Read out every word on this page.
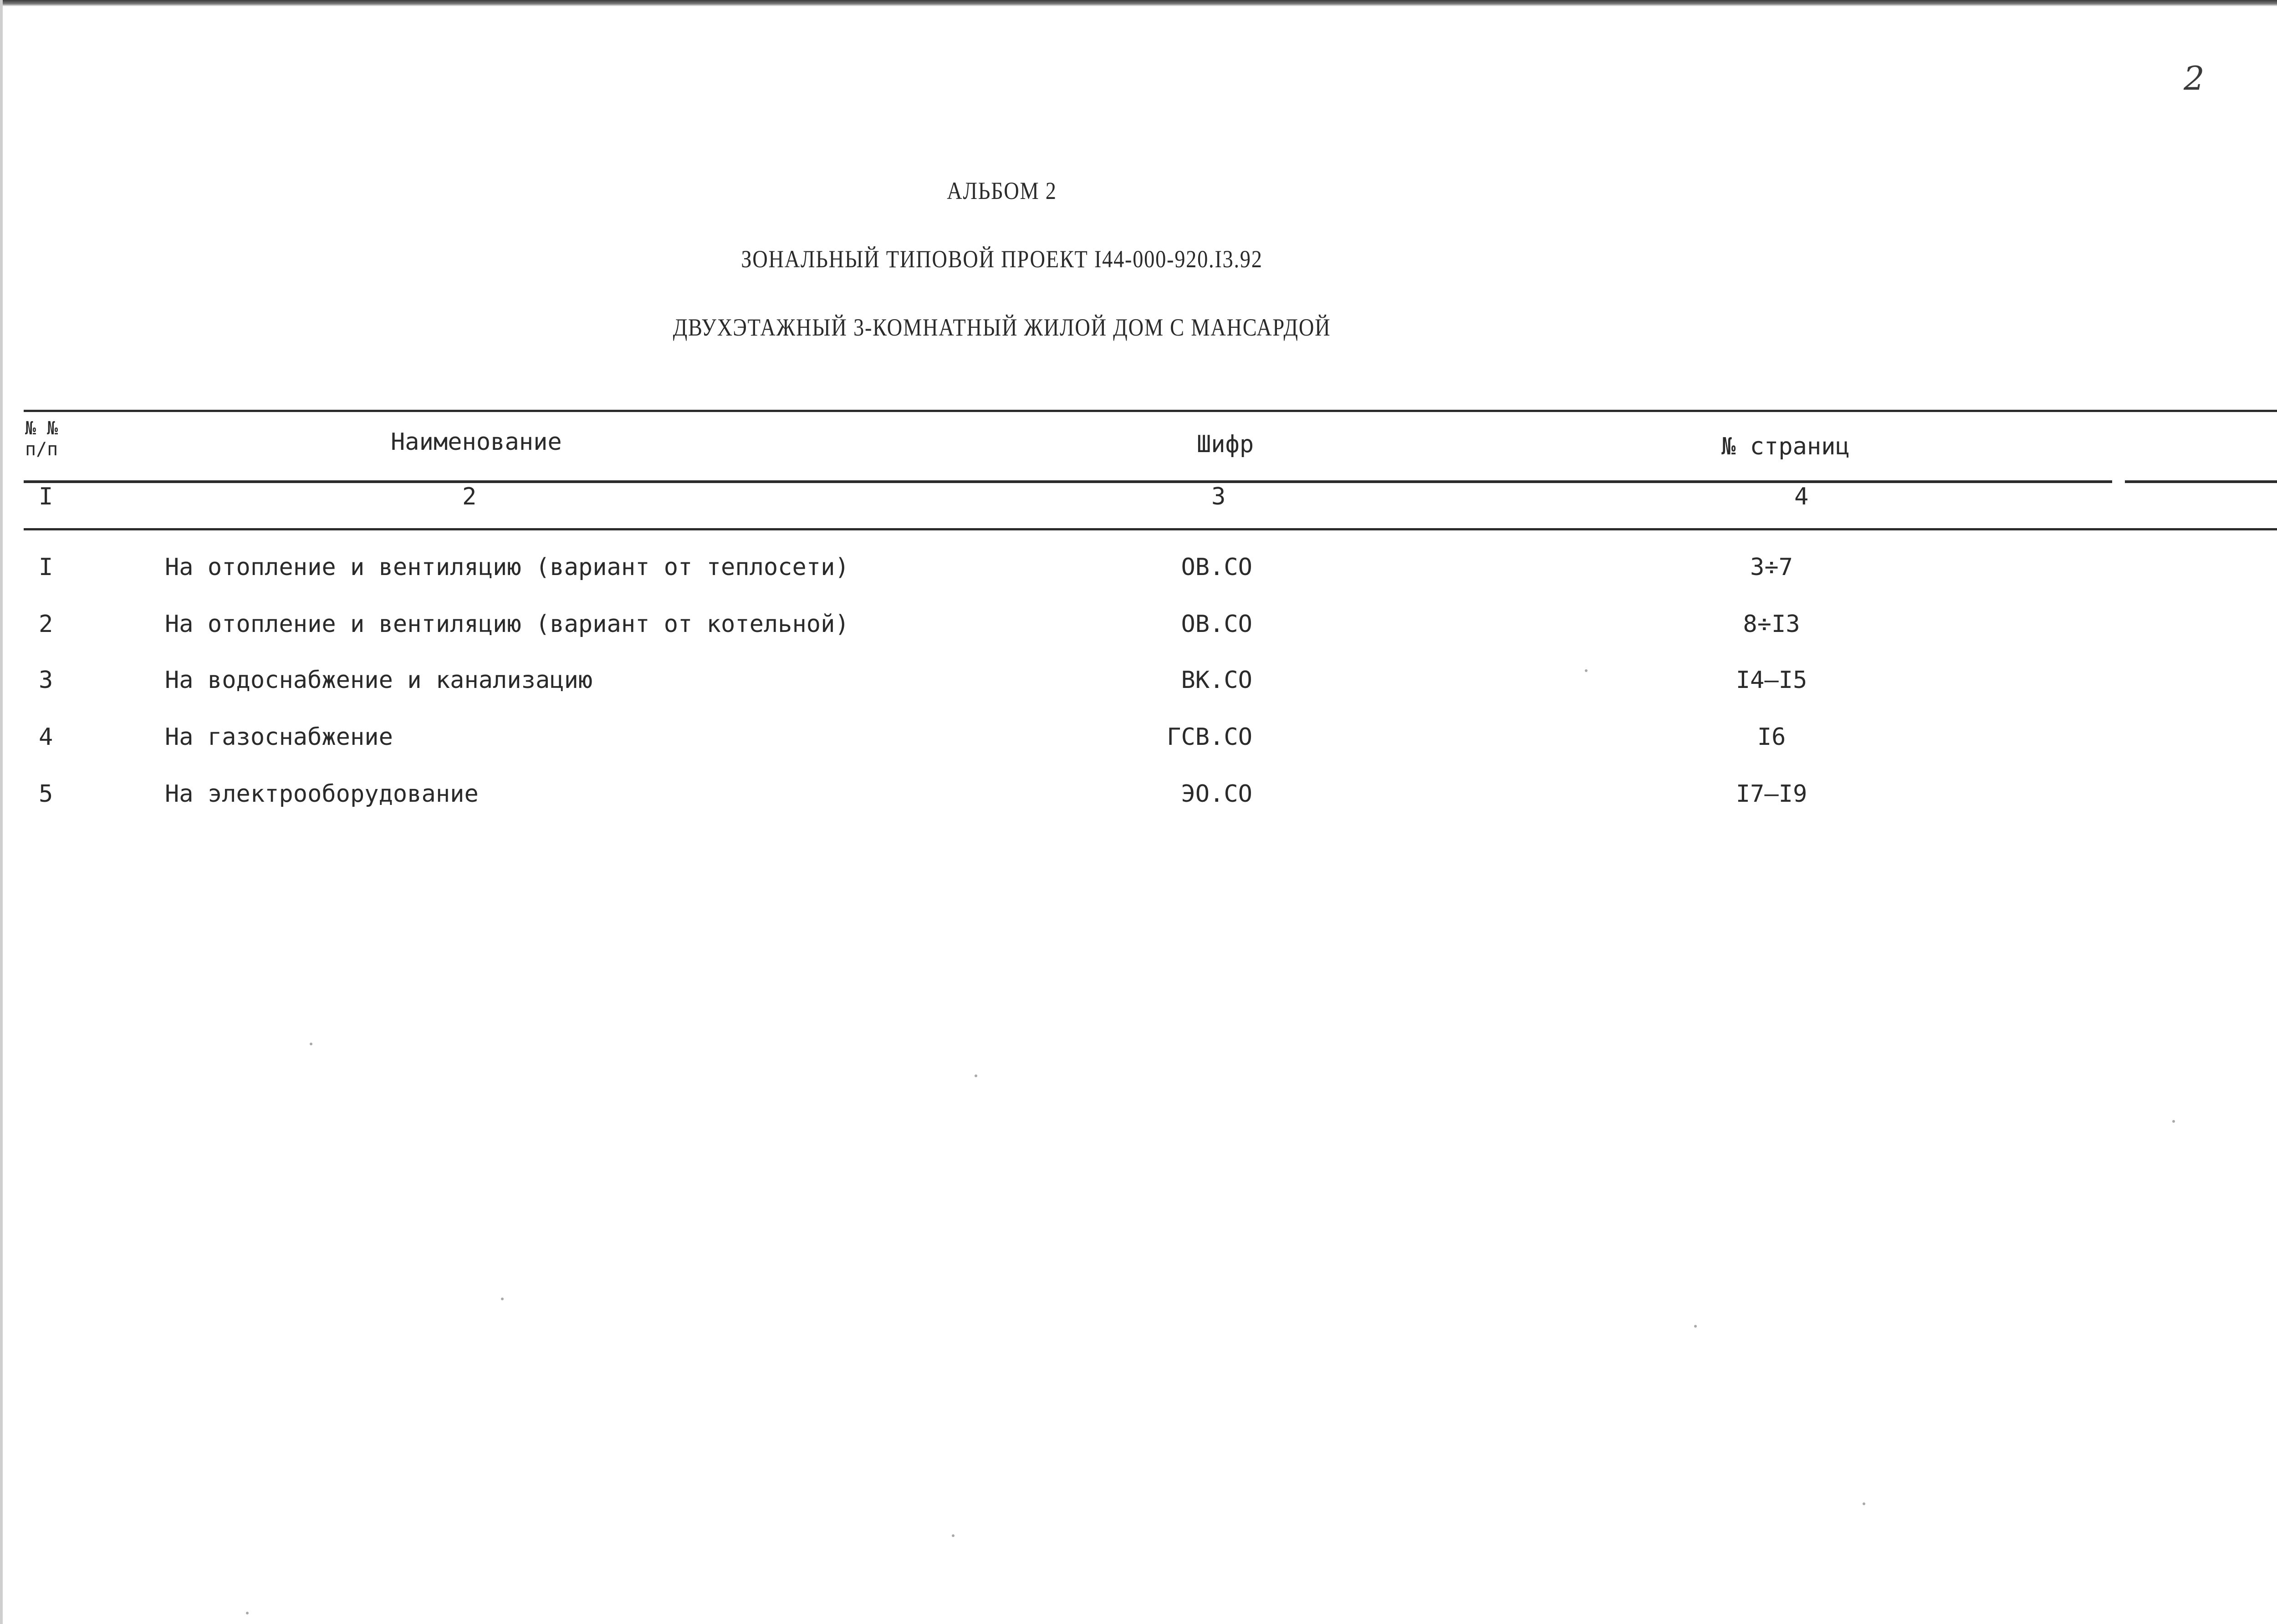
2
АЛЬБОМ 2
ЗОНАЛЬНЫЙ ТИПОВОЙ ПРОЕКТ I44-000-920.I3.92
ДВУХЭТАЖНЫЙ 3-КОМНАТНЫЙ ЖИЛОЙ ДОМ С МАНСАРДОЙ
№ №
п/п	Наименование	Шифр	№ страниц
I	2	3	4
I	На отопление и вентиляцию (вариант от теплосети)	ОВ.СО	3÷7
2	На отопление и вентиляцию (вариант от котельной)	ОВ.СО	8÷I3
3	На водоснабжение и канализацию	ВК.СО	I4–I5
4	На газоснабжение	ГСВ.СО	I6
5	На электрооборудование	ЭО.СО	I7–I9
